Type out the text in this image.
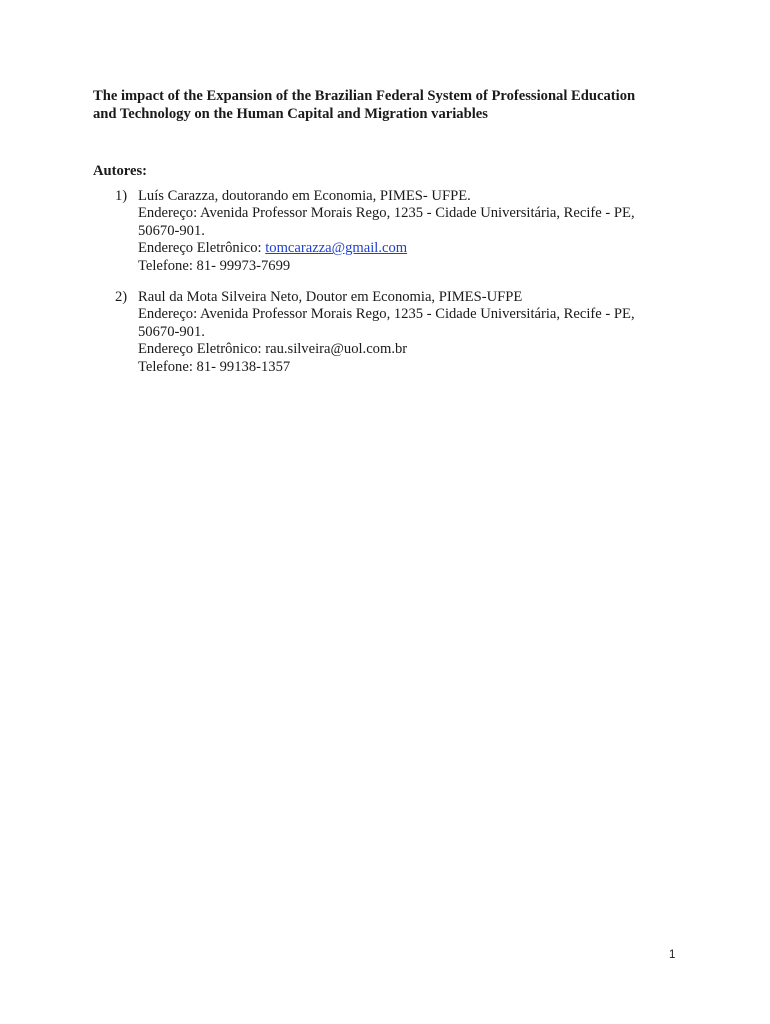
The impact of the Expansion of the Brazilian Federal System of Professional Education
and Technology on the Human Capital and Migration variables
Autores:
1) Luís Carazza, doutorando em Economia, PIMES- UFPE.
Endereço: Avenida Professor Morais Rego, 1235 - Cidade Universitária, Recife - PE,
50670-901.
Endereço Eletrônico: tomcarazza@gmail.com
Telefone: 81- 99973-7699
2) Raul da Mota Silveira Neto, Doutor em Economia, PIMES-UFPE
Endereço: Avenida Professor Morais Rego, 1235 - Cidade Universitária, Recife - PE,
50670-901.
Endereço Eletrônico: rau.silveira@uol.com.br
Telefone: 81- 99138-1357
1
